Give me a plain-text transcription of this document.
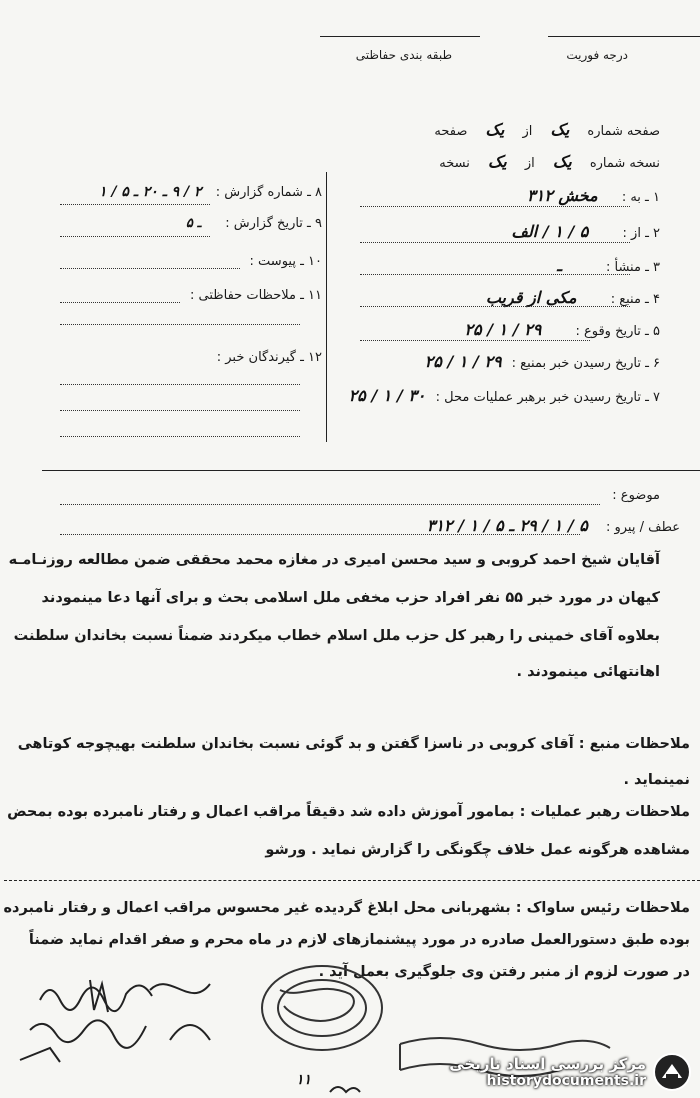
درجه فوریت
طبقه بندی حفاظتی
صفحه شماره یک از یک صفحه
نسخه شماره یک از یک نسخه
۱ ـ به : مخش ۳۱۲
۲ ـ از : ۵ / ۱ / الف
۳ ـ منشأ : ـ
۴ ـ منبع : مکی از قریب
۵ ـ تاریخ وقوع : ۲۹ / ۱ / ۲۵
۶ ـ تاریخ رسیدن خبر بمنبع : ۲۹ / ۱ / ۲۵
۷ ـ تاریخ رسیدن خبر برهبر عملیات محل : ۳۰ / ۱ / ۲۵
۸ ـ شماره گزارش : ۲ / ۹ ـ ۲۰ ـ ۵ / ۱
۹ ـ تاریخ گزارش : ـ ۵
۱۰ ـ پیوست :
۱۱ ـ ملاحظات حفاظتی :
۱۲ ـ گیرندگان خبر :
موضوع :
عطف / پیرو : ۵ / ۱ / ۲۹ ـ ۵ / ۱ / ۳۱۲
آقایان شیخ احمد کروبی و سید محسن امیری در مغازه محمد محققی ضمن مطالعه روزنـامـه
کیهان در مورد خبر ۵۵ نفر افراد حزب مخفی ملل اسلامی بحث و برای آنها دعا مینمودند
بعلاوه آقای خمینی را رهبر کل حزب ملل اسلام خطاب میکردند ضمناً نسبت بخاندان سلطنت
اهانتهائی مینمودند .
ملاحظات منبع : آقای کروبی در ناسزا گفتن و بد گوئی نسبت بخاندان سلطنت بهیچوجه کوتاهی
نمینماید .
ملاحظات رهبر عملیات : بمامور آموزش داده شد دقیقاً مراقب اعمال و رفتار نامبرده بوده بمحض
مشاهده هرگونه عمل خلاف چگونگی را گزارش نماید . ورشو
ملاحظات رئیس ساواک : بشهربانی محل ابلاغ گردیده غیر محسوس مراقب اعمال و رفتار نامبرده
بوده طبق دستورالعمل صادره در مورد پیشنمازهای لازم در ماه محرم و صفر اقدام نماید ضمناً
در صورت لزوم از منبر رفتن وی جلوگیری بعمل آید .
۱۱
مرکز بررسی اسناد تاریخی
historydocuments.ir
